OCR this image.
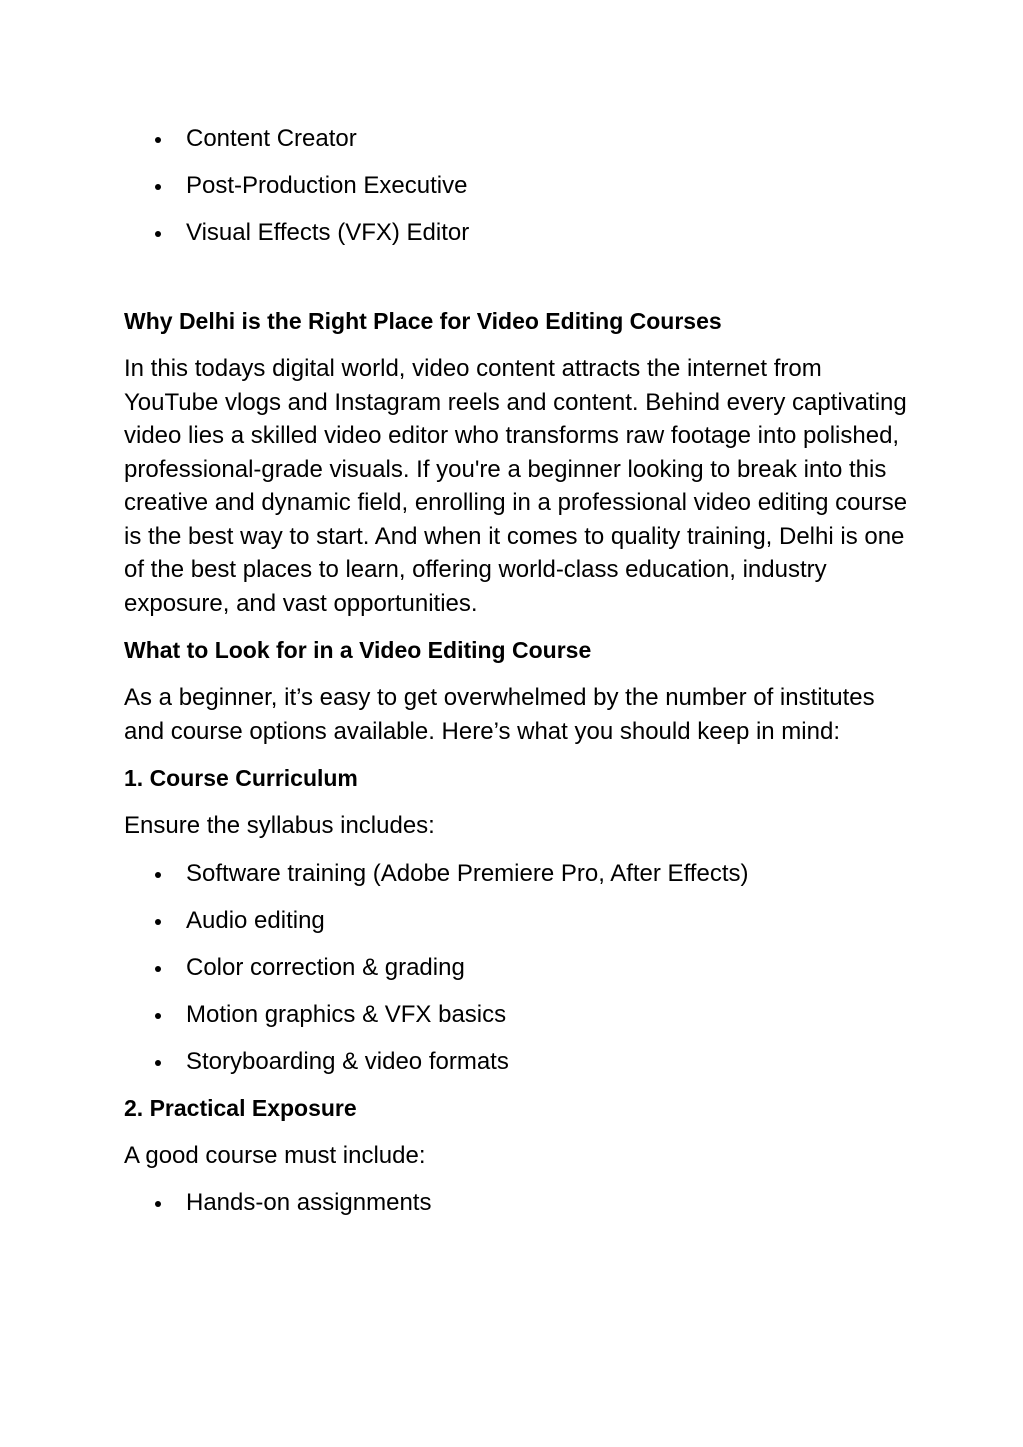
Content Creator
Post-Production Executive
Visual Effects (VFX) Editor
Why Delhi is the Right Place for Video Editing Courses

In this todays digital world, video content attracts the internet from YouTube vlogs and Instagram reels and content. Behind every captivating video lies a skilled video editor who transforms raw footage into polished, professional-grade visuals. If you're a beginner looking to break into this creative and dynamic field, enrolling in a professional video editing course is the best way to start. And when it comes to quality training, Delhi is one of the best places to learn, offering world-class education, industry exposure, and vast opportunities.

What to Look for in a Video Editing Course

As a beginner, it’s easy to get overwhelmed by the number of institutes and course options available. Here’s what you should keep in mind:

1. Course Curriculum

Ensure the syllabus includes:

Software training (Adobe Premiere Pro, After Effects)
Audio editing
Color correction & grading
Motion graphics & VFX basics
Storyboarding & video formats
2. Practical Exposure

A good course must include:

Hands-on assignments
